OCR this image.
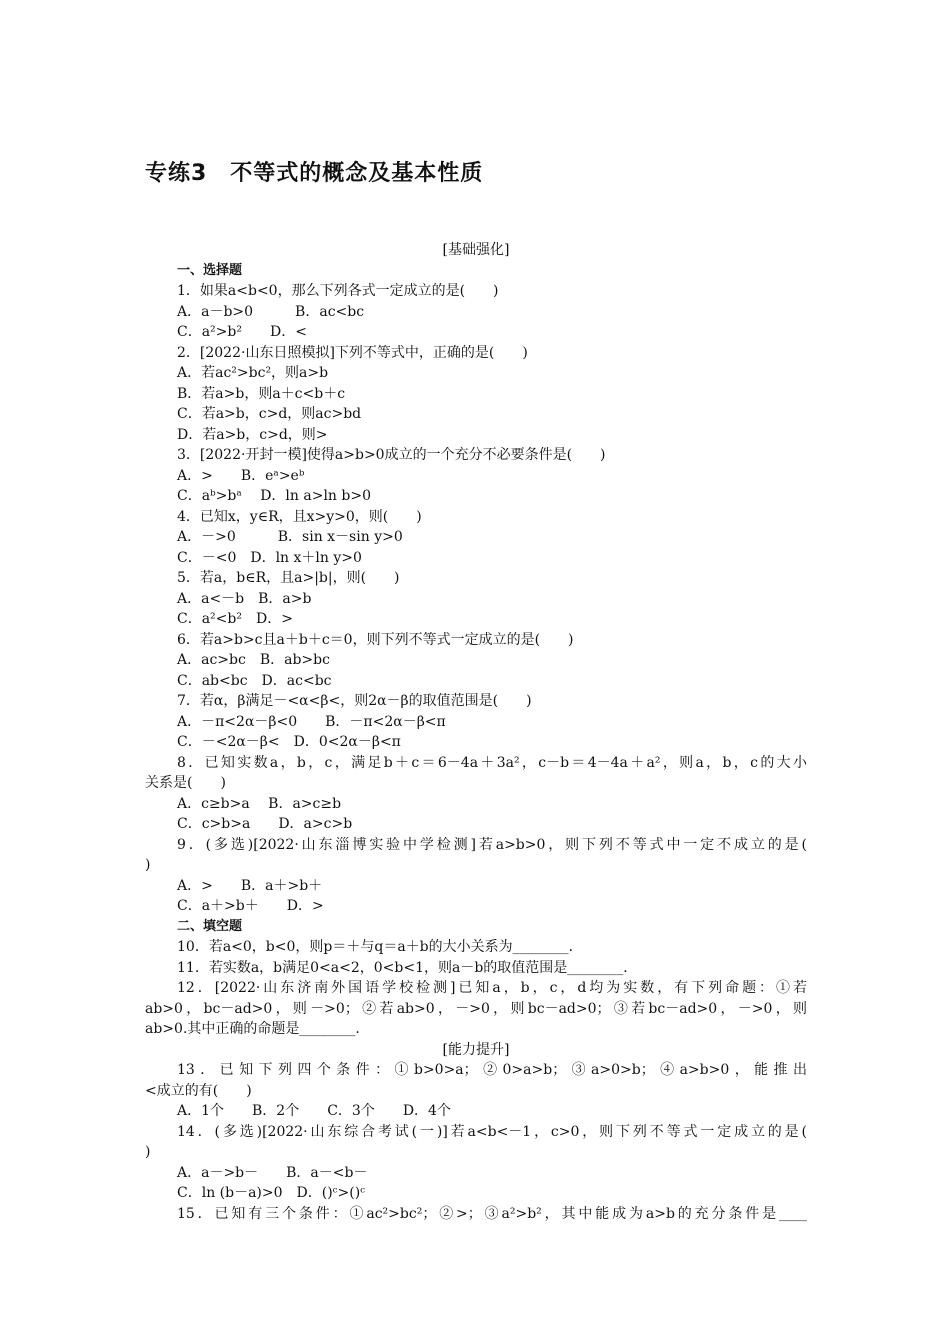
专练3　不等式的概念及基本性质
[基础强化]
一、选择题
1．如果a<b<0，那么下列各式一定成立的是(　　)
A．a－b>0　　　B．ac<bc
C．a²>b²　　D．<
2．[2022·山东日照模拟]下列不等式中，正确的是(　　)
A．若ac²>bc²，则a>b
B．若a>b，则a＋c<b＋c
C．若a>b，c>d，则ac>bd
D．若a>b，c>d，则>
3．[2022·开封一模]使得a>b>0成立的一个充分不必要条件是(　　)
A．>　　B．eᵃ>eᵇ
C．aᵇ>bᵃ　 D．ln a>ln b>0
4．已知x，y∈R，且x>y>0，则(　　)
A．－>0　　　B．sin x－sin y>0
C．－<0　D．ln x＋ln y>0
5．若a，b∈R，且a>|b|，则(　　)
A．a<－b　B．a>b
C．a²<b²　D．>
6．若a>b>c且a＋b＋c＝0，则下列不等式一定成立的是(　　)
A．ac>bc　B．ab>bc
C．ab<bc　D．ac<bc
7．若α，β满足－<α<β<，则2α－β的取值范围是(　　)
A．－π<2α－β<0　　B．－π<2α－β<π
C．－<2α－β<　D．0<2α－β<π
8．已知实数a，b，c，满足b＋c＝6－4a＋3a²，c－b＝4－4a＋a²，则a，b，c的大小
关系是(　　)
A．c≥b>a　 B．a>c≥b
C．c>b>a　　D．a>c>b
9．(多选)[2022·山东淄博实验中学检测]若a>b>0，则下列不等式中一定不成立的是(
)
A．>　　B．a＋>b＋
C．a＋>b＋　　D．>
二、填空题
10．若a<0，b<0，则p＝＋与q＝a＋b的大小关系为________．
11．若实数a，b满足0<a<2，0<b<1，则a－b的取值范围是________．
12．[2022·山东济南外国语学校检测]已知a，b，c，d均为实数，有下列命题：①若
ab>0，bc－ad>0，则－>0；②若ab>0，－>0，则bc－ad>0；③若bc－ad>0，－>0，则
ab>0.其中正确的命题是________．
[能力提升]
13．已知下列四个条件：①b>0>a；②0>a>b；③a>0>b；④a>b>0，能推出
<成立的有(　　)
A．1个　　B．2个　　C．3个　　D．4个
14．(多选)[2022·山东综合考试(一)]若a<b<－1，c>0，则下列不等式一定成立的是(
)
A．a－>b－　　B．a－<b－
C．ln (b－a)>0　D．()ᶜ>()ᶜ
15．已知有三个条件：①ac²>bc²；②>；③a²>b²，其中能成为a>b的充分条件是____
